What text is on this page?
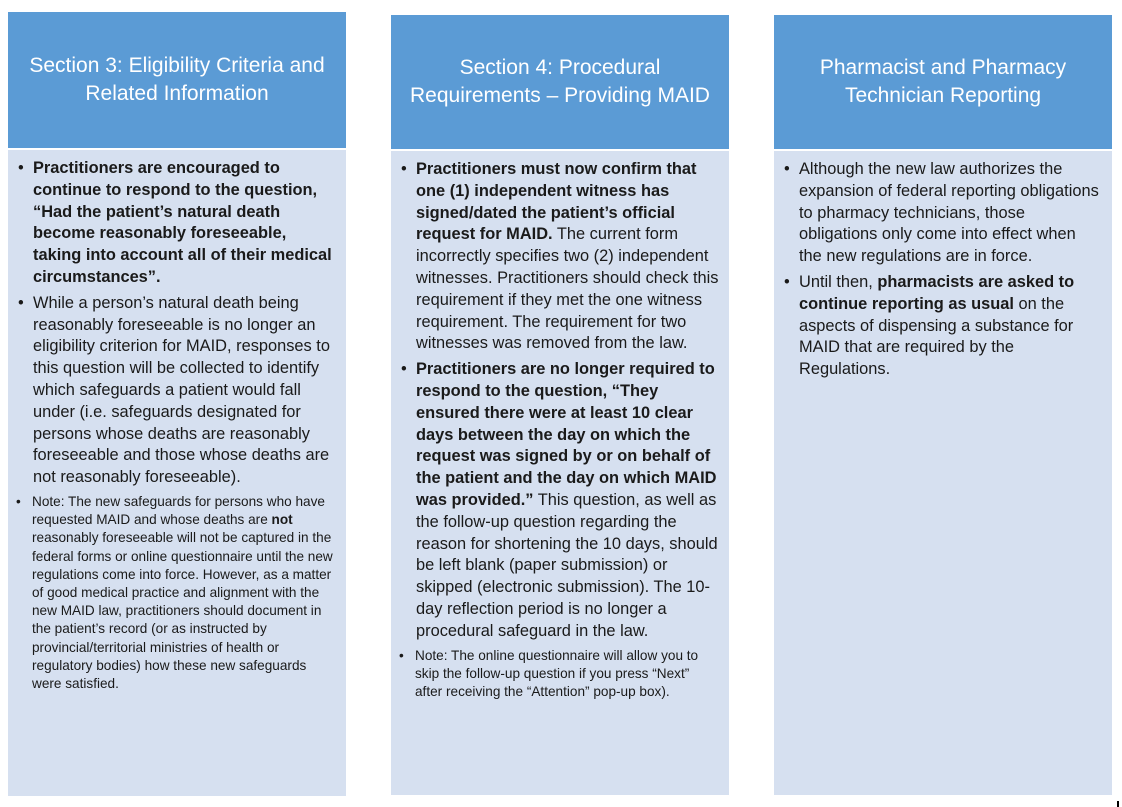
Section 3: Eligibility Criteria and Related Information
• Practitioners are encouraged to continue to respond to the question, “Had the patient’s natural death become reasonably foreseeable, taking into account all of their medical circumstances”.
• While a person’s natural death being reasonably foreseeable is no longer an eligibility criterion for MAID, responses to this question will be collected to identify which safeguards a patient would fall under (i.e. safeguards designated for persons whose deaths are reasonably foreseeable and those whose deaths are not reasonably foreseeable).
• Note: The new safeguards for persons who have requested MAID and whose deaths are not reasonably foreseeable will not be captured in the federal forms or online questionnaire until the new regulations come into force. However, as a matter of good medical practice and alignment with the new MAID law, practitioners should document in the patient’s record (or as instructed by provincial/territorial ministries of health or regulatory bodies) how these new safeguards were satisfied.
Section 4: Procedural Requirements – Providing MAID
• Practitioners must now confirm that one (1) independent witness has signed/dated the patient’s official request for MAID. The current form incorrectly specifies two (2) independent witnesses. Practitioners should check this requirement if they met the one witness requirement. The requirement for two witnesses was removed from the law.
• Practitioners are no longer required to respond to the question, “They ensured there were at least 10 clear days between the day on which the request was signed by or on behalf of the patient and the day on which MAID was provided.” This question, as well as the follow-up question regarding the reason for shortening the 10 days, should be left blank (paper submission) or skipped (electronic submission). The 10-day reflection period is no longer a procedural safeguard in the law.
• Note: The online questionnaire will allow you to skip the follow-up question if you press “Next” after receiving the “Attention” pop-up box).
Pharmacist and Pharmacy Technician Reporting
• Although the new law authorizes the expansion of federal reporting obligations to pharmacy technicians, those obligations only come into effect when the new regulations are in force.
• Until then, pharmacists are asked to continue reporting as usual on the aspects of dispensing a substance for MAID that are required by the Regulations.
